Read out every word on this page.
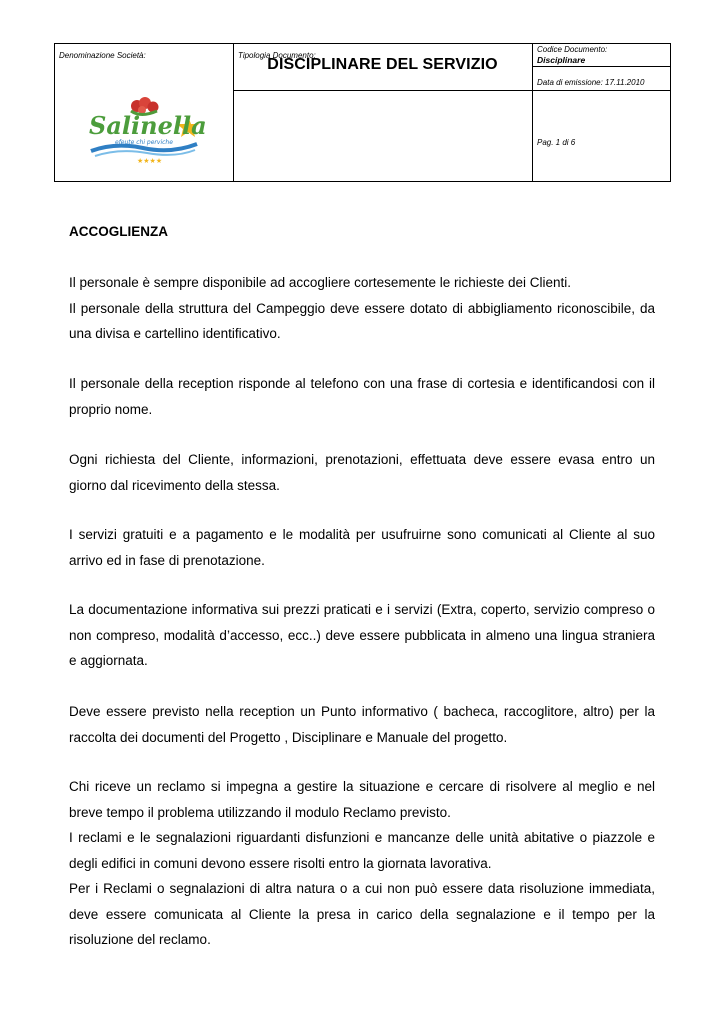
Denominazione Società:
Salinella
efeute chi perviche
★★★★
Tipologia Documento:
DISCIPLINARE DEL SERVIZIO
Codice Documento:
Disciplinare
Data di emissione: 17.11.2010
Pag. 1 di 6
ACCOGLIENZA

Il personale è sempre disponibile ad accogliere cortesemente le richieste dei Clienti.

Il personale della struttura del Campeggio deve essere dotato di abbigliamento riconoscibile, da una divisa e cartellino identificativo.

Il personale della reception risponde al telefono con una frase di cortesia e identificandosi con il proprio nome.

Ogni richiesta del Cliente, informazioni, prenotazioni, effettuata deve essere evasa entro un giorno dal ricevimento della stessa.

I servizi gratuiti e a pagamento e le modalità per usufruirne sono comunicati al Cliente al suo arrivo ed in fase di prenotazione.

La documentazione informativa sui prezzi praticati e i servizi (Extra, coperto, servizio compreso o non compreso, modalità d’accesso, ecc..) deve essere pubblicata in almeno una lingua straniera e aggiornata.

Deve essere previsto nella reception un Punto informativo ( bacheca, raccoglitore, altro) per la raccolta dei documenti del Progetto , Disciplinare e Manuale del progetto.

Chi riceve un reclamo si impegna a gestire la situazione e cercare di risolvere al meglio e nel breve tempo il problema utilizzando il modulo Reclamo previsto.

I reclami e le segnalazioni riguardanti disfunzioni e mancanze delle unità abitative o piazzole e degli edifici in comuni devono essere risolti entro la giornata lavorativa.

Per i Reclami o segnalazioni di altra natura o a cui non può essere data risoluzione immediata, deve essere comunicata al Cliente la presa in carico della segnalazione e il tempo per la risoluzione del reclamo.
